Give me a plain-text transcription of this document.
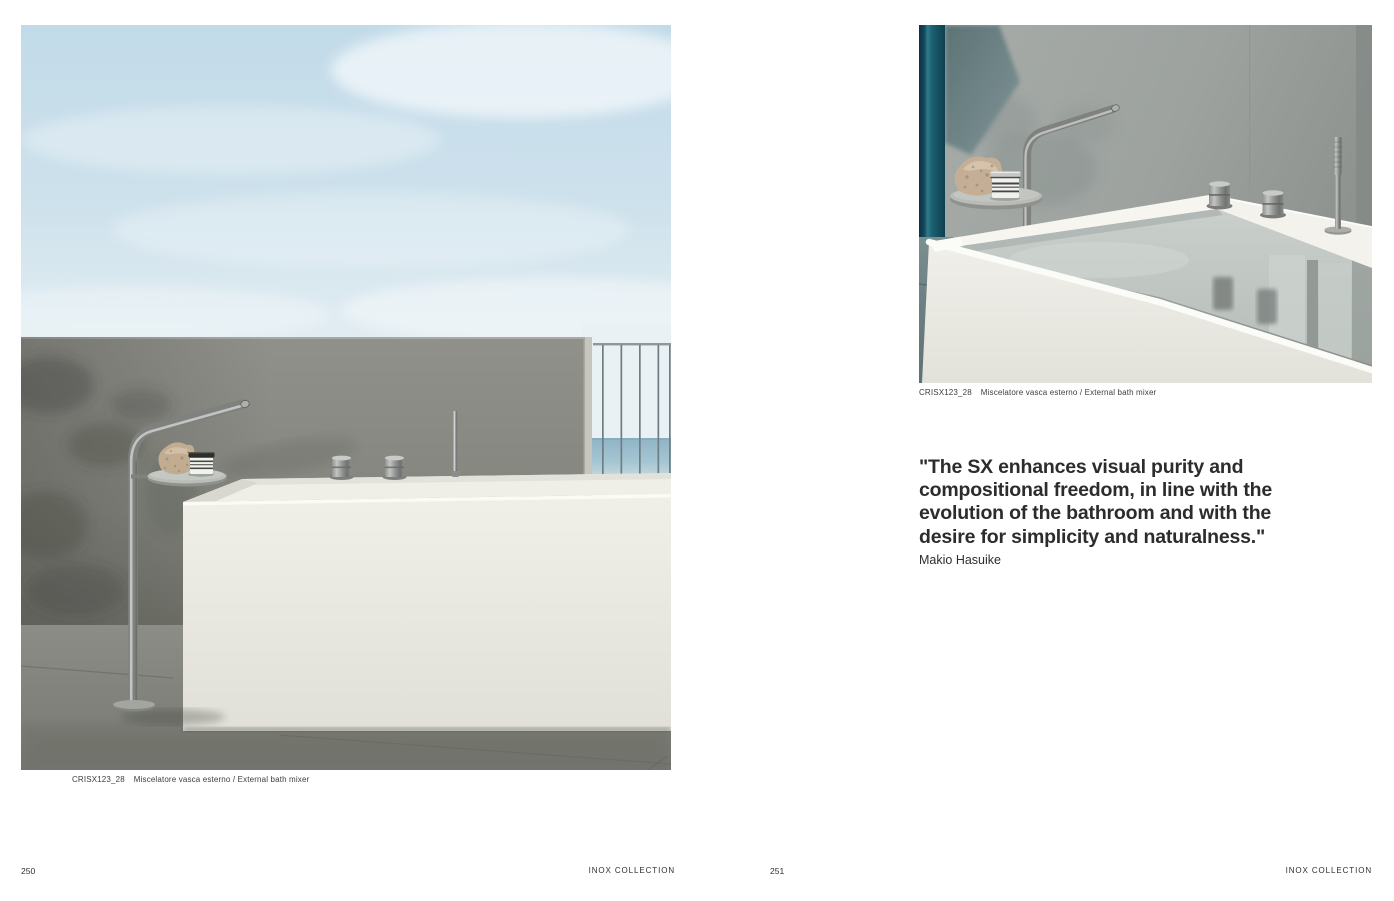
CRISX123_28 Miscelatore vasca esterno / External bath mixer
CRISX123_28 Miscelatore vasca esterno / External bath mixer

"The SX enhances visual purity and compositional freedom, in line with the evolution of the bathroom and with the desire for simplicity and naturalness."

Makio Hasuike
250	INOX COLLECTION	251	INOX COLLECTION
